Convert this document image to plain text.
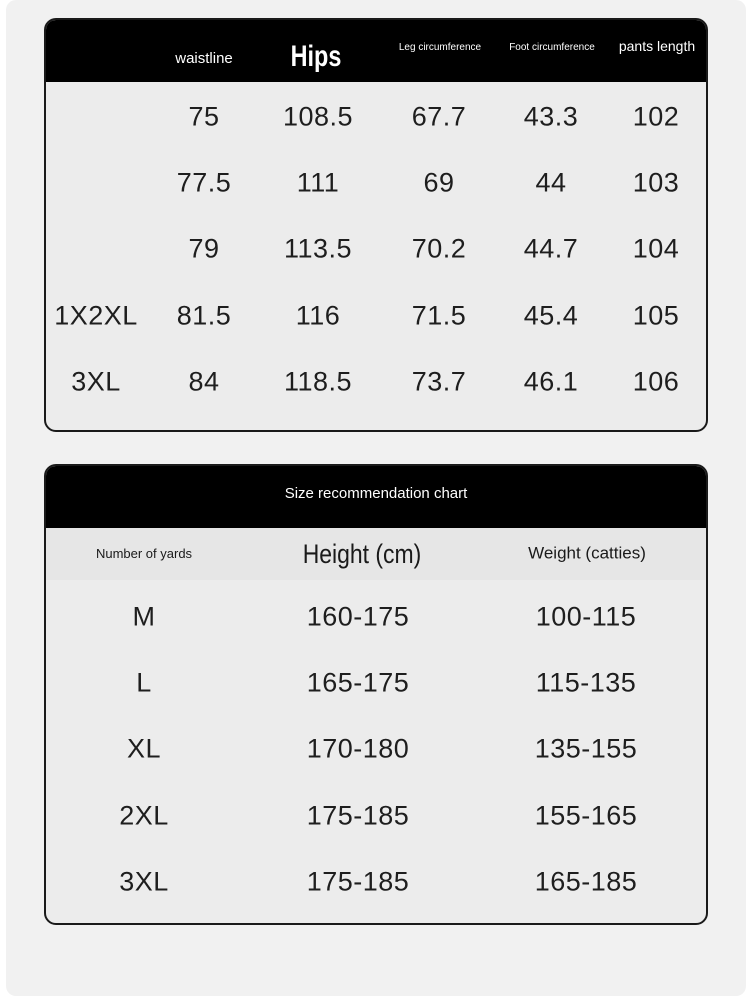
waistline	Hips	Leg circumference	Foot circumference	pants length
75 108.5 67.7 43.3 102
77.5 111	69	44 103
79 113.5 70.2 44.7 104
1X2XL 81.5 116	71.5 45.4 105
3XL	84 118.5 73.7 46.1 106
Size recommendation chart
Number of yards	Height (cm)	Weight (catties)
M	160-175	100-115
L	165-175	115-135
XL	170-180	135-155
2XL	175-185	155-165
3XL	175-185	165-185
